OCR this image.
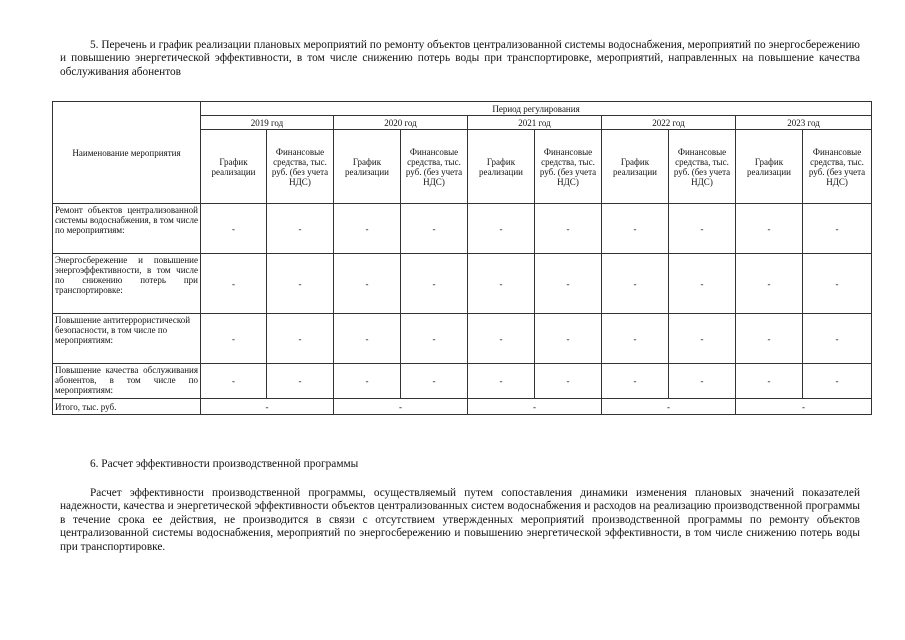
5. Перечень и график реализации плановых мероприятий по ремонту объектов централизованной системы водоснабжения, мероприятий по энергосбережению и повышению энергетической эффективности, в том числе снижению потерь воды при транспортировке, мероприятий, направленных на повышение качества обслуживания абонентов

Наименование мероприятия	Период регулирования									
	2019 год		2020 год		2021 год		2022 год		2023 год	
	График реализации	Финансовые средства, тыс. руб. (без учета НДС)	График реализации	Финансовые средства, тыс. руб. (без учета НДС)	График реализации	Финансовые средства, тыс. руб. (без учета НДС)	График реализации	Финансовые средства, тыс. руб. (без учета НДС)	График реализации	Финансовые средства, тыс. руб. (без учета НДС)
Ремонт объектов централизованной системы водоснабжения, в том числе по мероприятиям:	-	-	-	-	-	-	-	-	-	-
Энергосбережение и повышение энергоэффективности, в том числе по снижению потерь при транспортировке:	-	-	-	-	-	-	-	-	-	-
Повышение антитеррористической безопасности, в том числе по мероприятиям:	-	-	-	-	-	-	-	-	-	-
Повышение качества обслуживания абонентов, в том числе по мероприятиям:	-	-	-	-	-	-	-	-	-	-
Итого, тыс. руб.	-		-		-		-		-	

6. Расчет эффективности производственной программы

Расчет эффективности производственной программы, осуществляемый путем сопоставления динамики изменения плановых значений показателей надежности, качества и энергетической эффективности объектов централизованных систем водоснабжения и расходов на реализацию производственной программы в течение срока ее действия, не производится в связи с отсутствием утвержденных мероприятий производственной программы по ремонту объектов централизованной системы водоснабжения, мероприятий по энергосбережению и повышению энергетической эффективности, в том числе снижению потерь воды при транспортировке.
